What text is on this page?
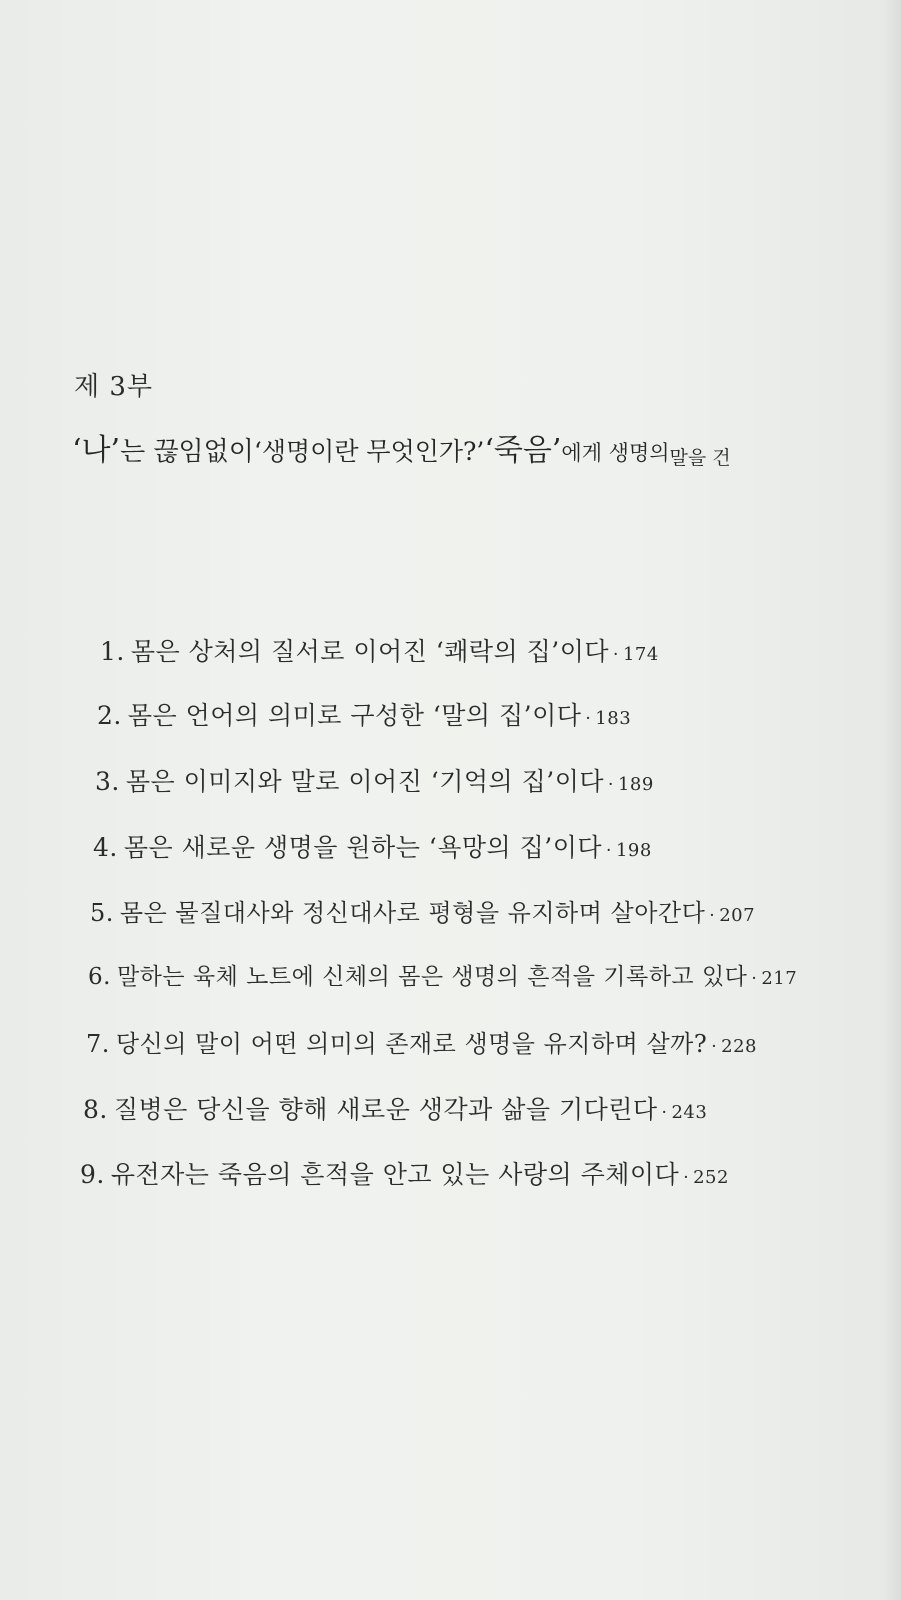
제 3부
‘나’는 끊임없이‘생명이란 무엇인가?’‘죽음’에게 생명의말을 건
1. 몸은 상처의 질서로 이어진 ‘쾌락의 집’이다 · 174
2. 몸은 언어의 의미로 구성한 ‘말의 집’이다 · 183
3. 몸은 이미지와 말로 이어진 ‘기억의 집’이다 · 189
4. 몸은 새로운 생명을 원하는 ‘욕망의 집’이다 · 198
5. 몸은 물질대사와 정신대사로 평형을 유지하며 살아간다 · 207
6. 말하는 육체 노트에 신체의 몸은 생명의 흔적을 기록하고 있다 · 217
7. 당신의 말이 어떤 의미의 존재로 생명을 유지하며 살까? · 228
8. 질병은 당신을 향해 새로운 생각과 삶을 기다린다 · 243
9. 유전자는 죽음의 흔적을 안고 있는 사랑의 주체이다 · 252
